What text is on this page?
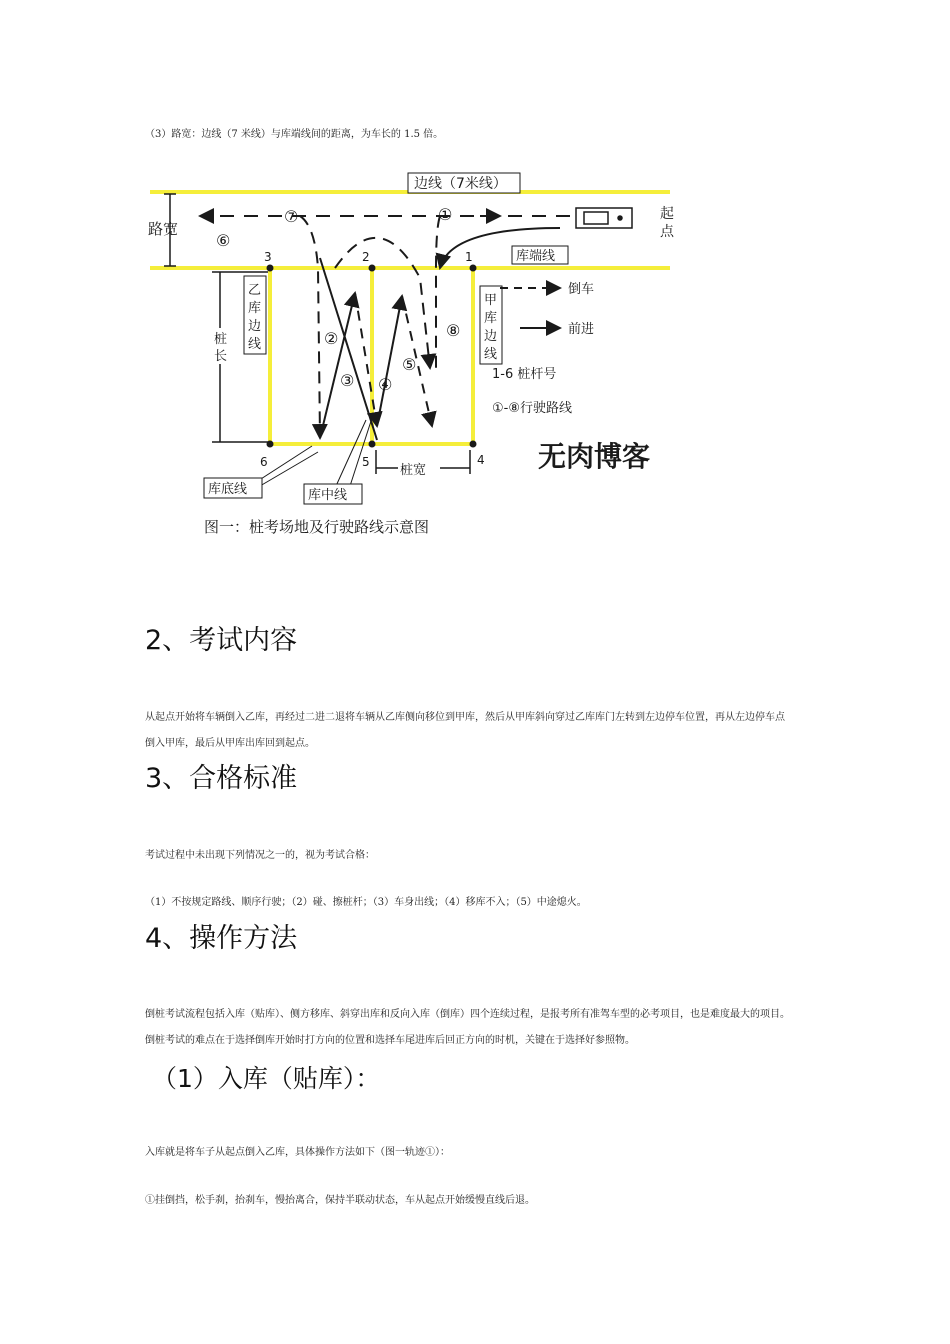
（3）路宽：边线（7 米线）与库端线间的距离，为车长的 1.5 倍。
路宽
边线（7米线）
库端线
起
点
1
2
3
4
5
6
①
②
③ ④
⑤
⑥
⑦
⑧
乙
库
边
线
甲
库
边
线
桩
长
桩宽
倒车
前进
1-6 桩杆号
①-⑧行驶路线
无肉博客
库底线	库中线
图一：桩考场地及行驶路线示意图
2、考试内容
从起点开始将车辆倒入乙库，再经过二进二退将车辆从乙库侧向移位到甲库，然后从甲库斜向穿过乙库库门左转到左边停车位置，再从左边停车点
倒入甲库，最后从甲库出库回到起点。
3、合格标准
考试过程中未出现下列情况之一的，视为考试合格：
（1）不按规定路线、顺序行驶；（2）碰、擦桩杆；（3）车身出线；（4）移库不入；（5）中途熄火。
4、操作方法
倒桩考试流程包括入库（贴库）、侧方移库、斜穿出库和反向入库（倒库）四个连续过程，是报考所有准驾车型的必考项目，也是难度最大的项目。
倒桩考试的难点在于选择倒库开始时打方向的位置和选择车尾进库后回正方向的时机，关键在于选择好参照物。
（1）入库（贴库）：
入库就是将车子从起点倒入乙库，具体操作方法如下（图一轨迹①）：
①挂倒挡，松手刹，抬刹车，慢抬离合，保持半联动状态，车从起点开始缓慢直线后退。
